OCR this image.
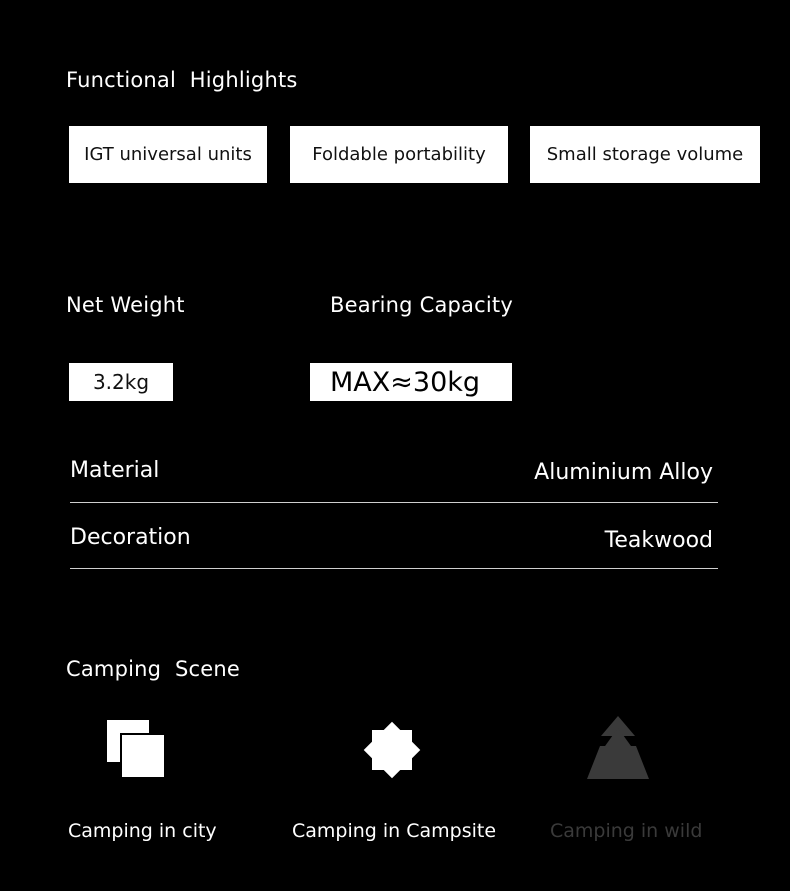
Functional  Highlights
IGT universal units	Foldable portability	Small storage volume
Net Weight	Bearing Capacity
3.2kg	MAX≈30kg
Material	Aluminium Alloy
Decoration	Teakwood
Camping  Scene
Camping in city	Camping in Campsite	Camping in wild
